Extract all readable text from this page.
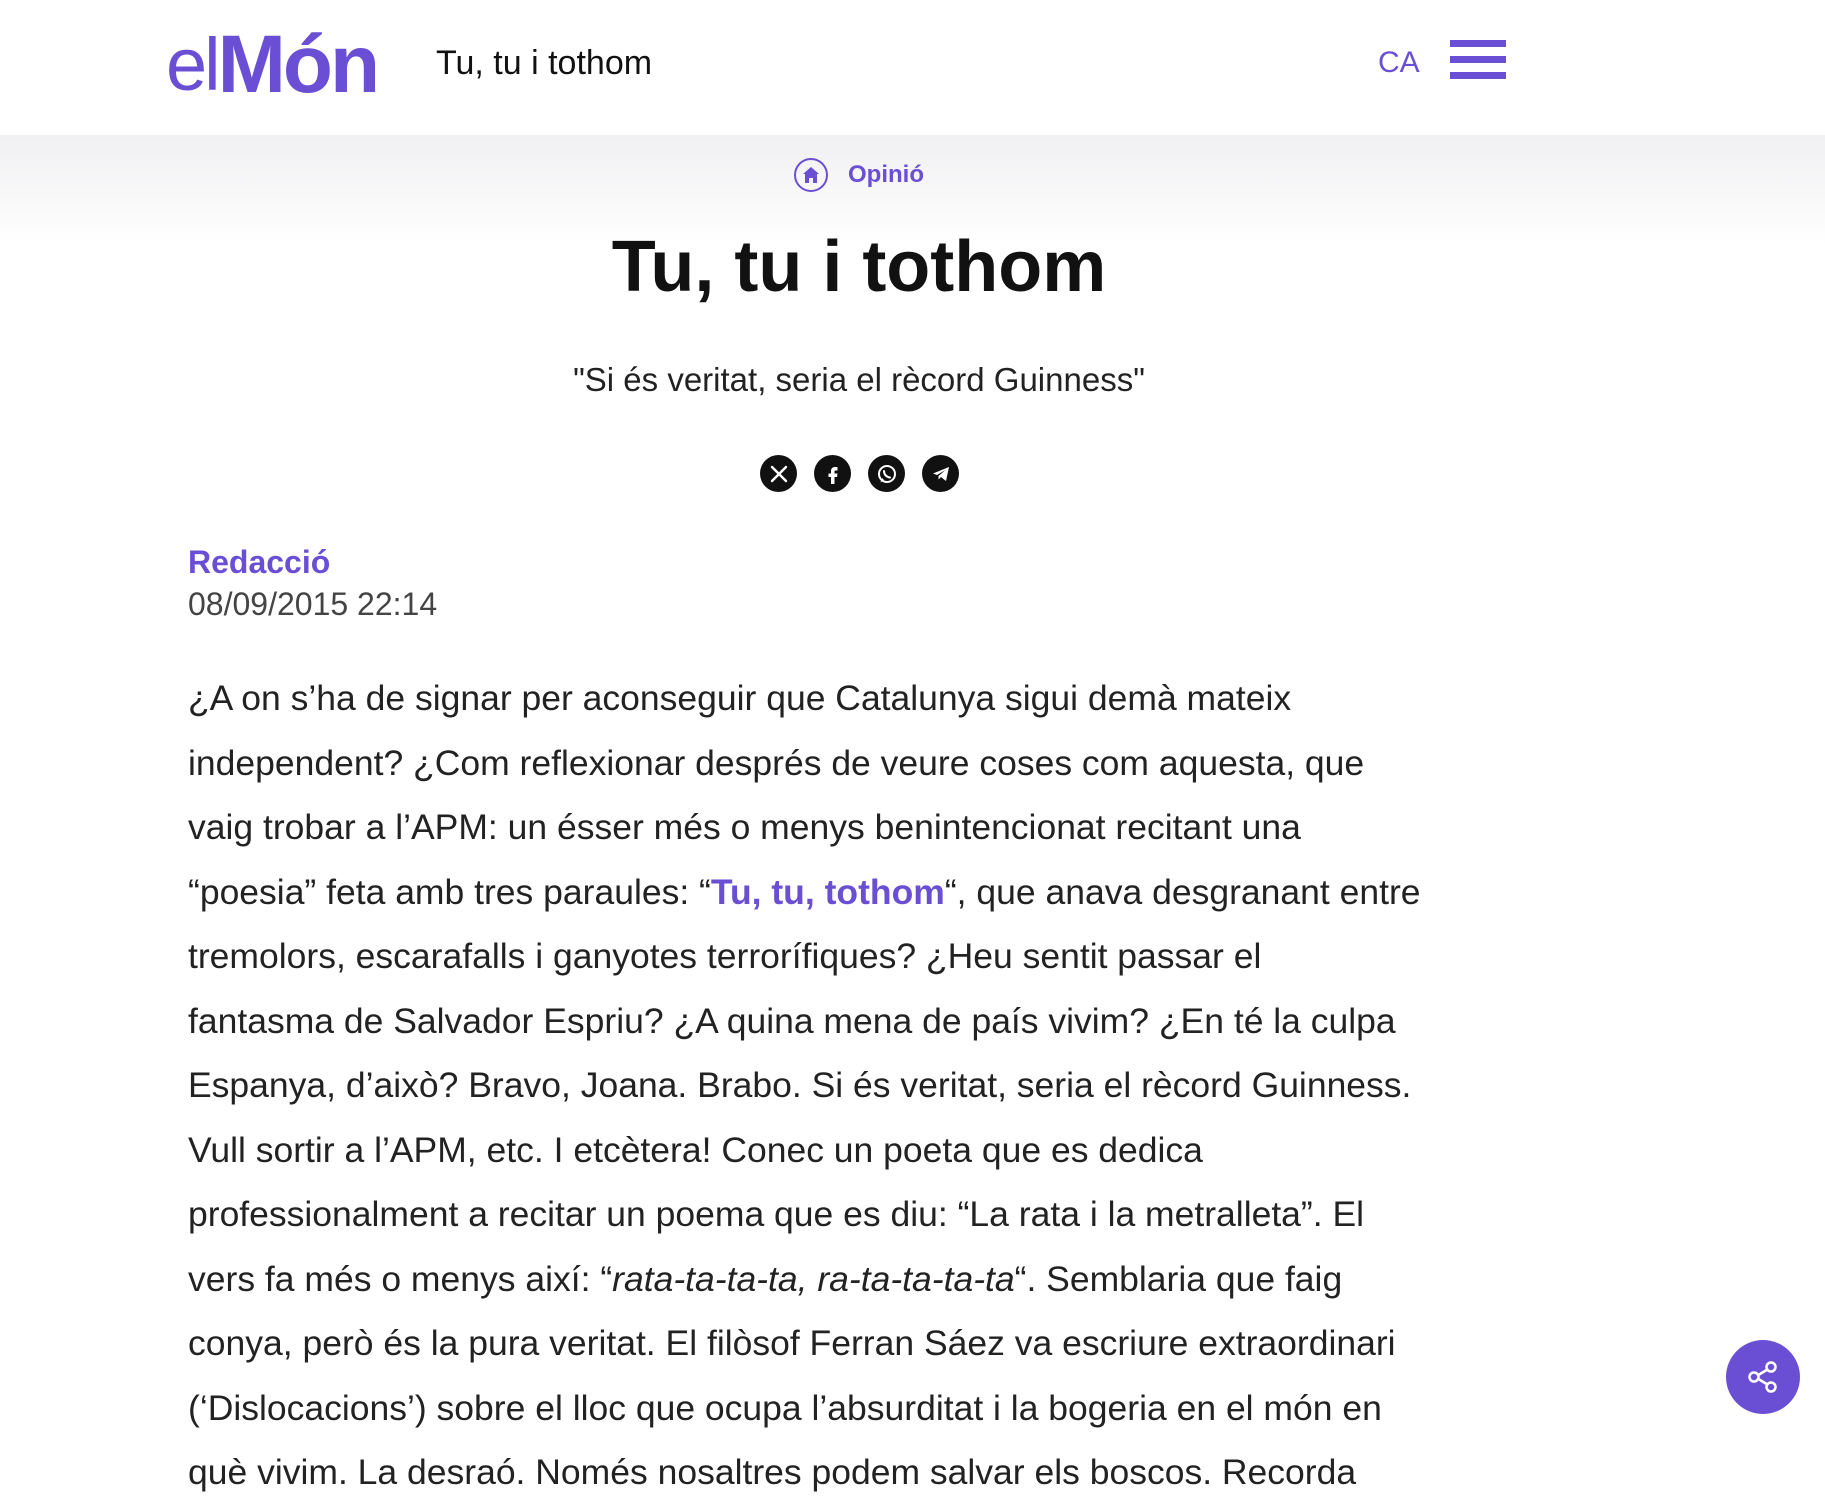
el Món Tu, tu i tothom	CA
Opinió
Tu, tu i tothom
"Si és veritat, seria el rècord Guinness"
Redacció
08/09/2015 22:14

¿A on s’ha de signar per aconseguir que Catalunya sigui demà mateix
independent? ¿Com reflexionar després de veure coses com aquesta, que
vaig trobar a l’APM: un ésser més o menys benintencionat recitant una
“poesia” feta amb tres paraules: “Tu, tu, tothom“, que anava desgranant entre
tremolors, escarafalls i ganyotes terrorífiques? ¿Heu sentit passar el
fantasma de Salvador Espriu? ¿A quina mena de país vivim? ¿En té la culpa
Espanya, d’això? Bravo, Joana. Brabo. Si és veritat, seria el rècord Guinness.
Vull sortir a l’APM, etc. I etcètera! Conec un poeta que es dedica
professionalment a recitar un poema que es diu: “La rata i la metralleta”. El
vers fa més o menys així: “rata-ta-ta-ta, ra-ta-ta-ta-ta“. Semblaria que faig
conya, però és la pura veritat. El filòsof Ferran Sáez va escriure extraordinari
(‘Dislocacions’) sobre el lloc que ocupa l’absurditat i la bogeria en el món en
què vivim. La desraó. Només nosaltres podem salvar els boscos. Recorda
